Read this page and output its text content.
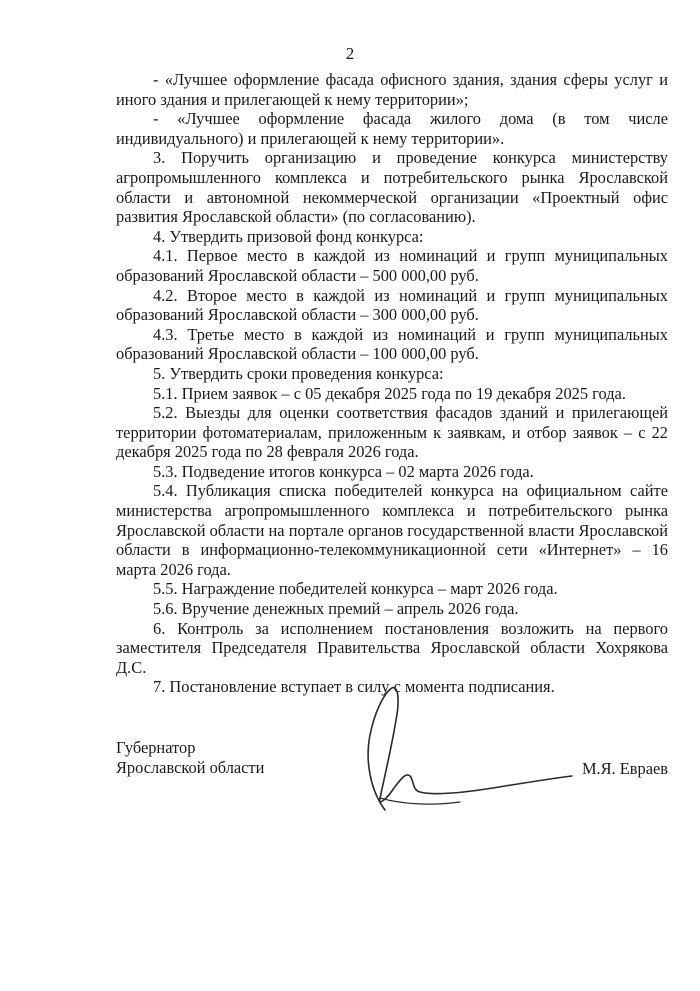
2

- «Лучшее оформление фасада офисного здания, здания сферы услуг и иного здания и прилегающей к нему территории»;

- «Лучшее оформление фасада жилого дома (в том числе индивидуального) и прилегающей к нему территории».

3. Поручить организацию и проведение конкурса министерству агропромышленного комплекса и потребительского рынка Ярославской области и автономной некоммерческой организации «Проектный офис развития Ярославской области» (по согласованию).

4. Утвердить призовой фонд конкурса:

4.1. Первое место в каждой из номинаций и групп муниципальных образований Ярославской области – 500 000,00 руб.

4.2. Второе место в каждой из номинаций и групп муниципальных образований Ярославской области – 300 000,00 руб.

4.3. Третье место в каждой из номинаций и групп муниципальных образований Ярославской области – 100 000,00 руб.

5. Утвердить сроки проведения конкурса:

5.1. Прием заявок – с 05 декабря 2025 года по 19 декабря 2025 года.

5.2. Выезды для оценки соответствия фасадов зданий и прилегающей территории фотоматериалам, приложенным к заявкам, и отбор заявок – с 22 декабря 2025 года по 28 февраля 2026 года.

5.3. Подведение итогов конкурса – 02 марта 2026 года.

5.4. Публикация списка победителей конкурса на официальном сайте министерства агропромышленного комплекса и потребительского рынка Ярославской области на портале органов государственной власти Ярославской области в информационно-телекоммуникационной сети «Интернет» – 16 марта 2026 года.

5.5. Награждение победителей конкурса – март 2026 года.

5.6. Вручение денежных премий – апрель 2026 года.

6. Контроль за исполнением постановления возложить на первого заместителя Председателя Правительства Ярославской области Хохрякова Д.С.

7. Постановление вступает в силу с момента подписания.

Губернатор

Ярославской области	М.Я. Евраев
